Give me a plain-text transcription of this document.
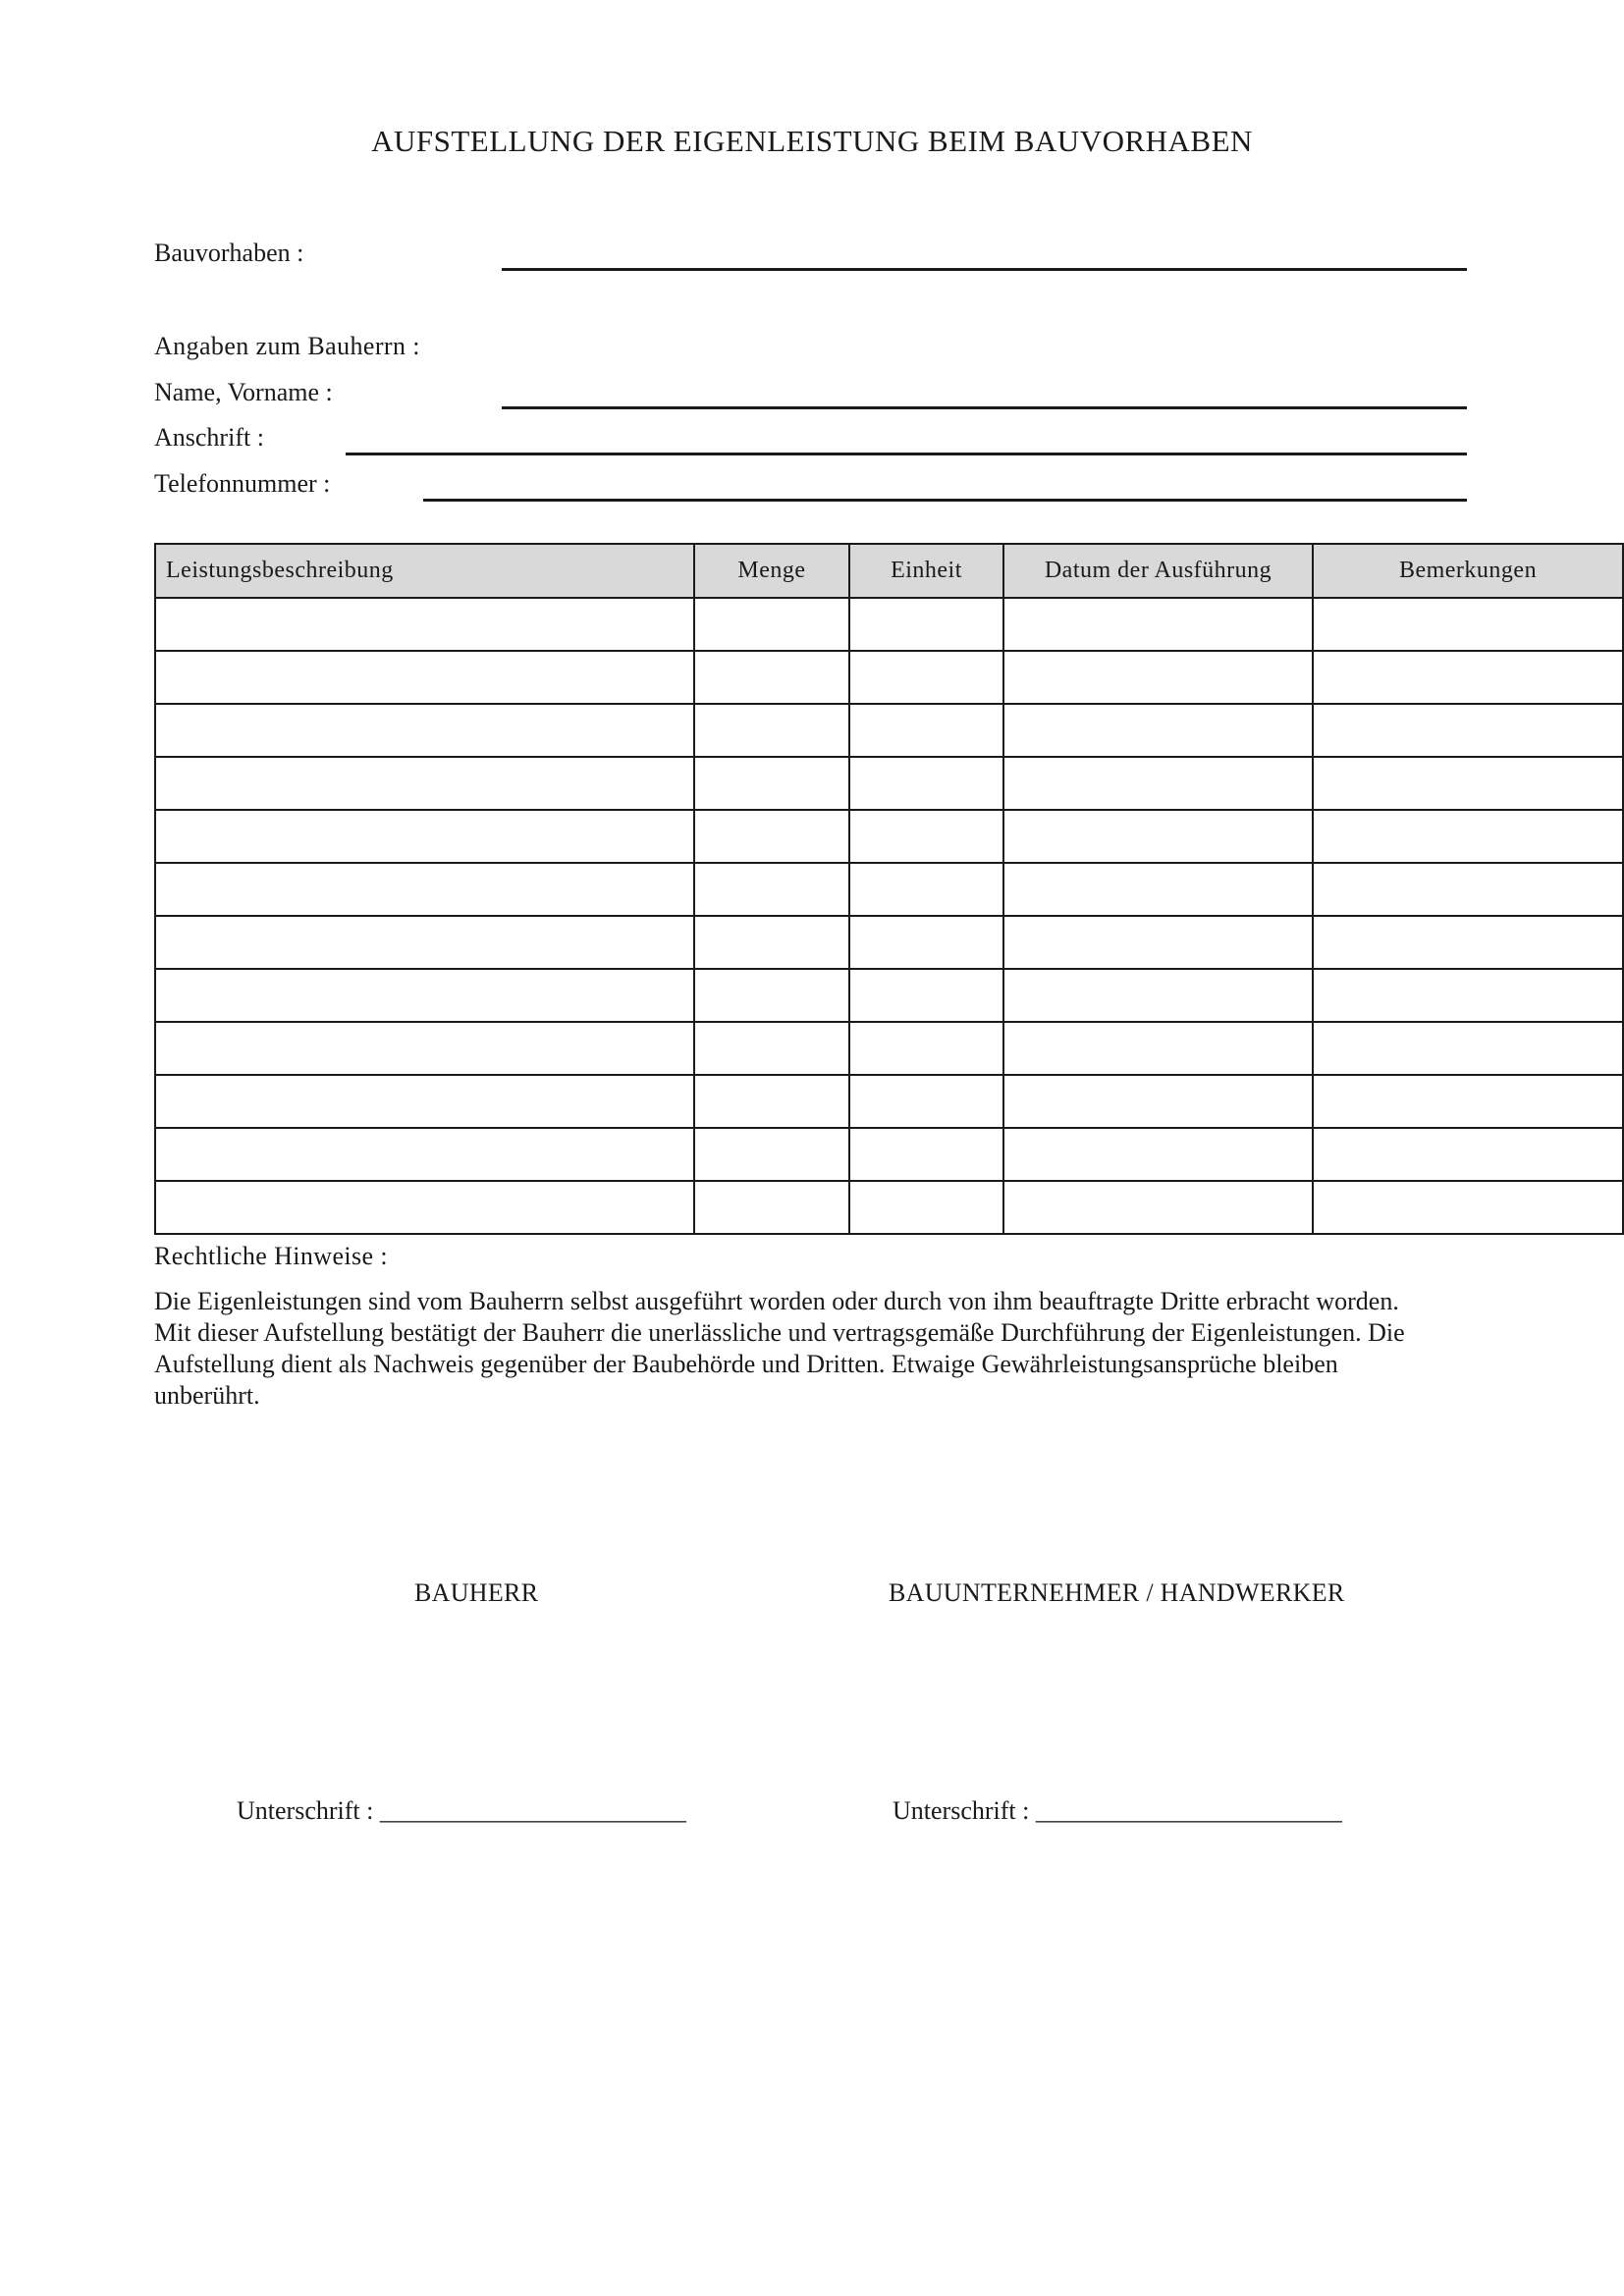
AUFSTELLUNG DER EIGENLEISTUNG BEIM BAUVORHABEN
Bauvorhaben :
Angaben zum Bauherrn :
Name, Vorname :
Anschrift :
Telefonnummer :
Leistungsbeschreibung	Menge	Einheit	Datum der Ausführung	Bemerkungen

Rechtliche Hinweise :
Die Eigenleistungen sind vom Bauherrn selbst ausgeführt worden oder durch von ihm beauftragte Dritte erbracht worden. Mit dieser Aufstellung bestätigt der Bauherr die unerlässliche und vertragsgemäße Durchführung der Eigenleistungen. Die Aufstellung dient als Nachweis gegenüber der Baubehörde und Dritten. Etwaige Gewährleistungsansprüche bleiben unberührt.
BAUHERR	BAUUNTERNEHMER / HANDWERKER
Unterschrift : ________________________	Unterschrift : ________________________
